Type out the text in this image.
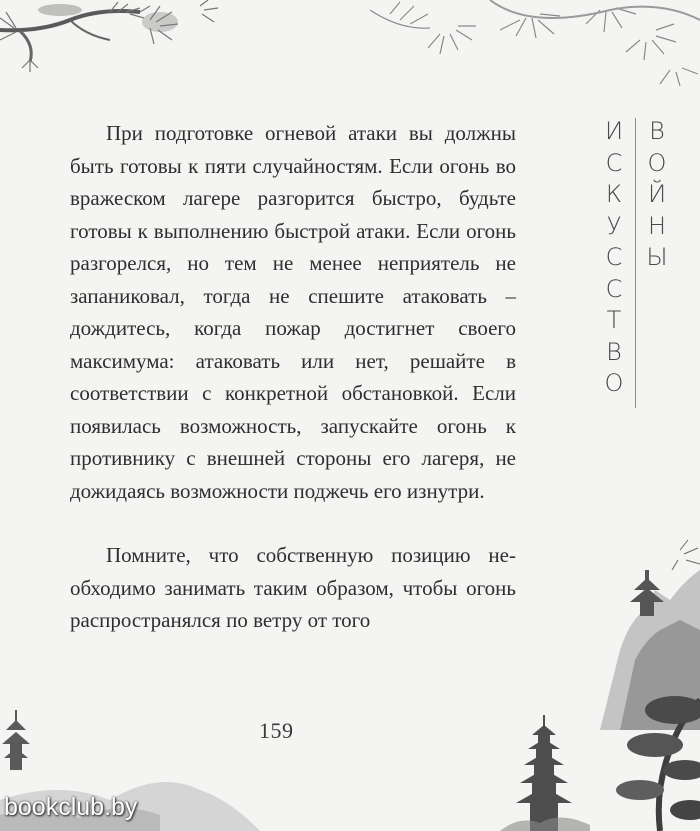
При подготовке огневой атаки вы должны быть готовы к пяти случайностям. Если огонь во вражеском лагере разгорится быстро, будьте готовы к выполнению быстрой атаки. Если огонь разгорелся, но тем не менее неприятель не запаниковал, тогда не спешите атаковать – дождитесь, когда пожар достигнет своего максимума: атаковать или нет, решайте в соответствии с конкретной обстановкой. Если появилась возможность, запускайте огонь к противнику с внешней стороны его лагеря, не дожидаясь возможности поджечь его изнутри.

Помните, что собственную позицию необходимо занимать таким образом, чтобы огонь распространялся по ветру от того

И
С
К
У
С
С
Т
В
О
В
О
Й
Н
Ы
159
bookclub.by
